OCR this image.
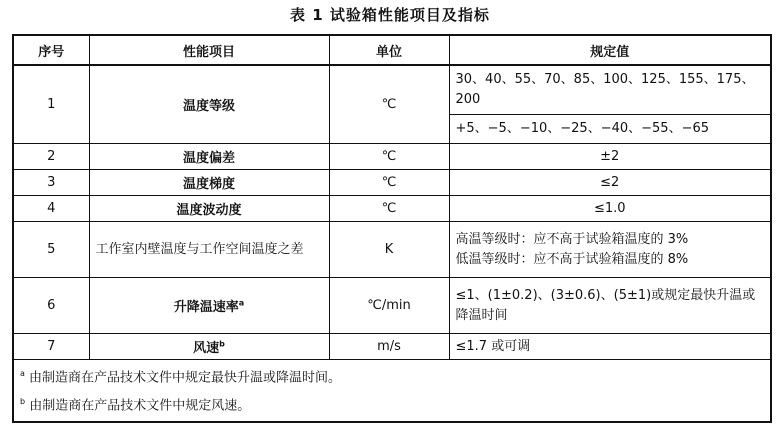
表 1 试验箱性能项目及指标
序号	性能项目	单位	规定值
1	温度等级	℃	30、40、55、70、85、100、125、155、175、200
+5、−5、−10、−25、−40、−55、−65

2	温度偏差	℃	±2
3	温度梯度	℃	≤2
4	温度波动度	℃	≤1.0
5	工作室内壁温度与工作空间温度之差	K	高温等级时：应不高于试验箱温度的 3%
低温等级时：应不高于试验箱温度的 8%

6	升降温速率$^a$	℃/min	≤1、(1±0.2)、(3±0.6)、(5±1)或规定最快升温或降温时间
7	风速$^b$	m/s	≤1.7 或可调

$^a$ 由制造商在产品技术文件中规定最快升温或降温时间。
$^b$ 由制造商在产品技术文件中规定风速。			
